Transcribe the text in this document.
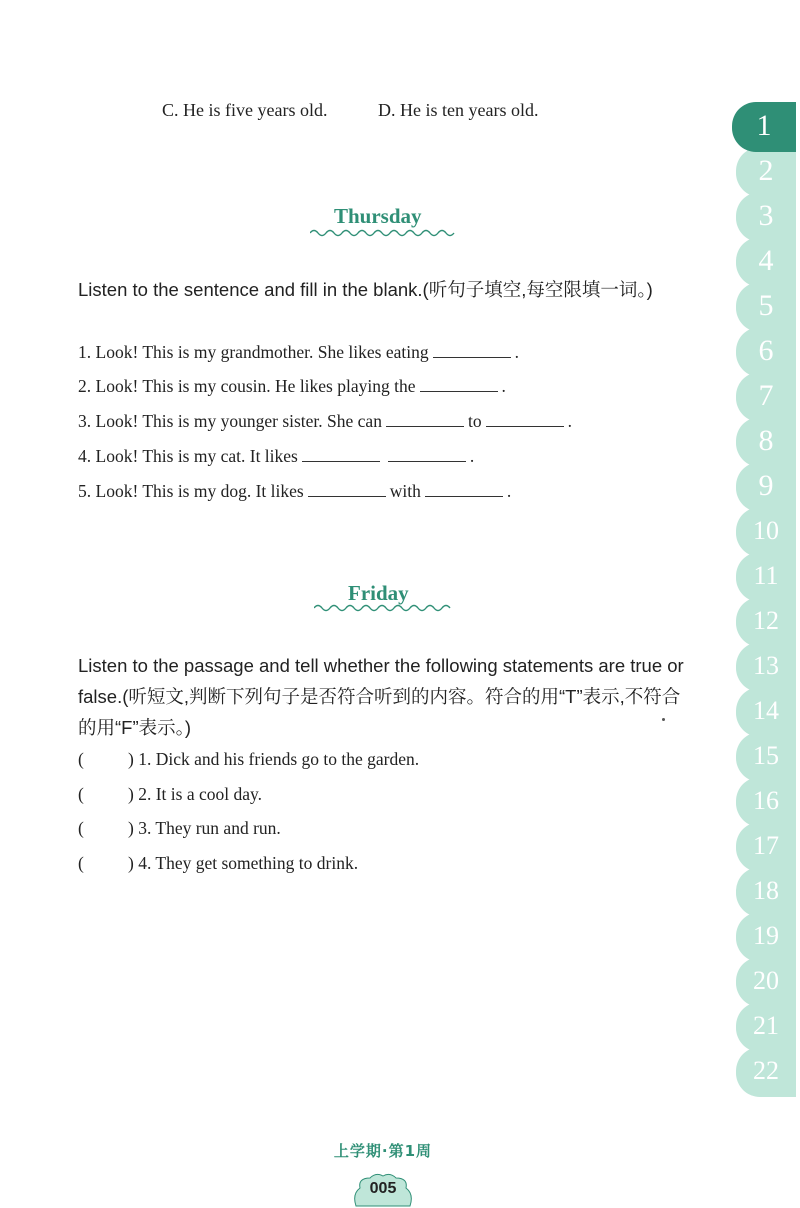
C. He is five years old.	D. He is ten years old.
Thursday
Listen to the sentence and fill in the blank.(听句子填空,每空限填一词。)
1. Look! This is my grandmother. She likes eating	.
2. Look! This is my cousin. He likes playing the	.
3. Look! This is my younger sister. She can	to	.
4. Look! This is my cat. It likes	.
5. Look! This is my dog. It likes	with	.
Friday
Listen to the passage and tell whether the following statements are true or false.(听短文,判断下列句子是否符合听到的内容。符合的用“T”表示,不符合的用“F”表示。)
(	) 1. Dick and his friends go to the garden.
(	) 2. It is a cool day.
(	) 3. They run and run.
(	) 4. They get something to drink.
1
2
3
4
5
6
7
8
9
10
11
12
13
14
15
16
17
18
19
20
21
22
上学期·第1周
005
